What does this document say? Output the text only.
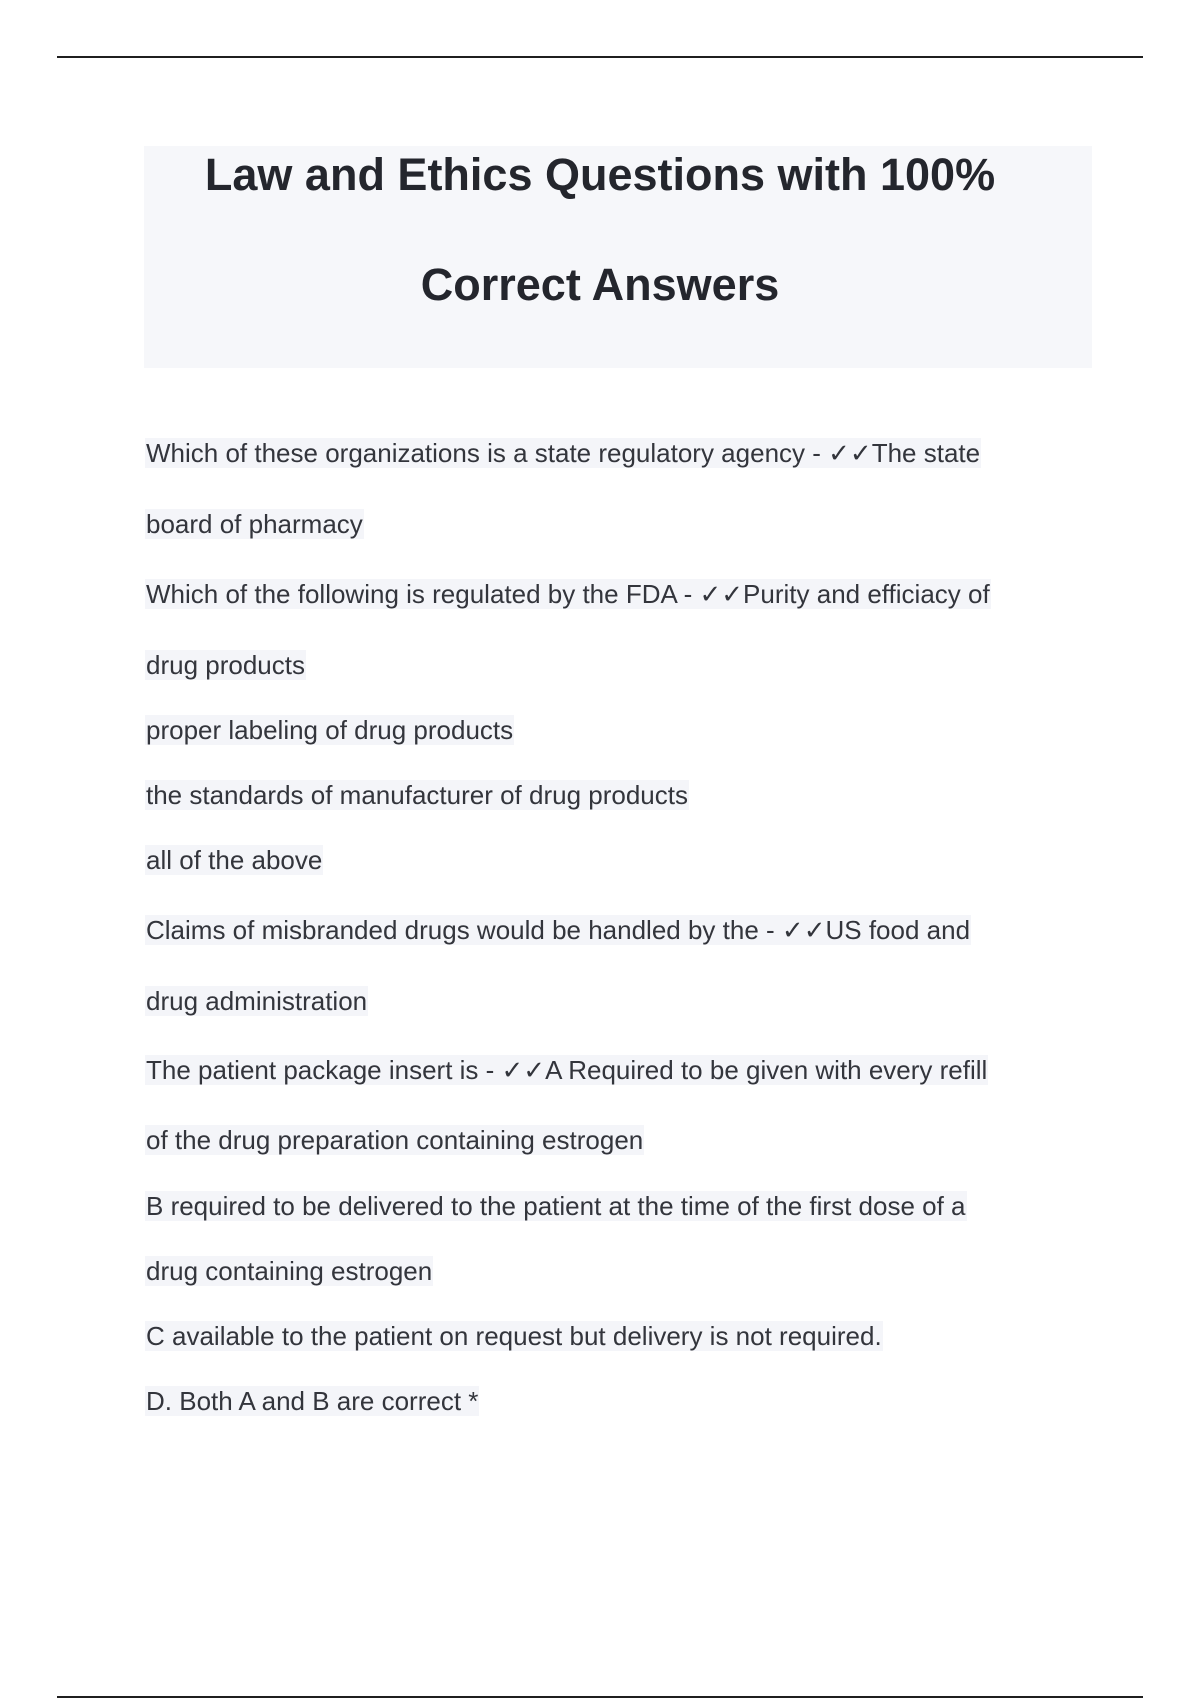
Law and Ethics Questions with 100%
Correct Answers
Which of these organizations is a state regulatory agency - ✓✓The state
board of pharmacy
Which of the following is regulated by the FDA - ✓✓Purity and efficiacy of
drug products
proper labeling of drug products
the standards of manufacturer of drug products
all of the above
Claims of misbranded drugs would be handled by the - ✓✓US food and
drug administration
The patient package insert is - ✓✓A Required to be given with every refill
of the drug preparation containing estrogen
B required to be delivered to the patient at the time of the first dose of a
drug containing estrogen
C available to the patient on request but delivery is not required.
D. Both A and B are correct *
